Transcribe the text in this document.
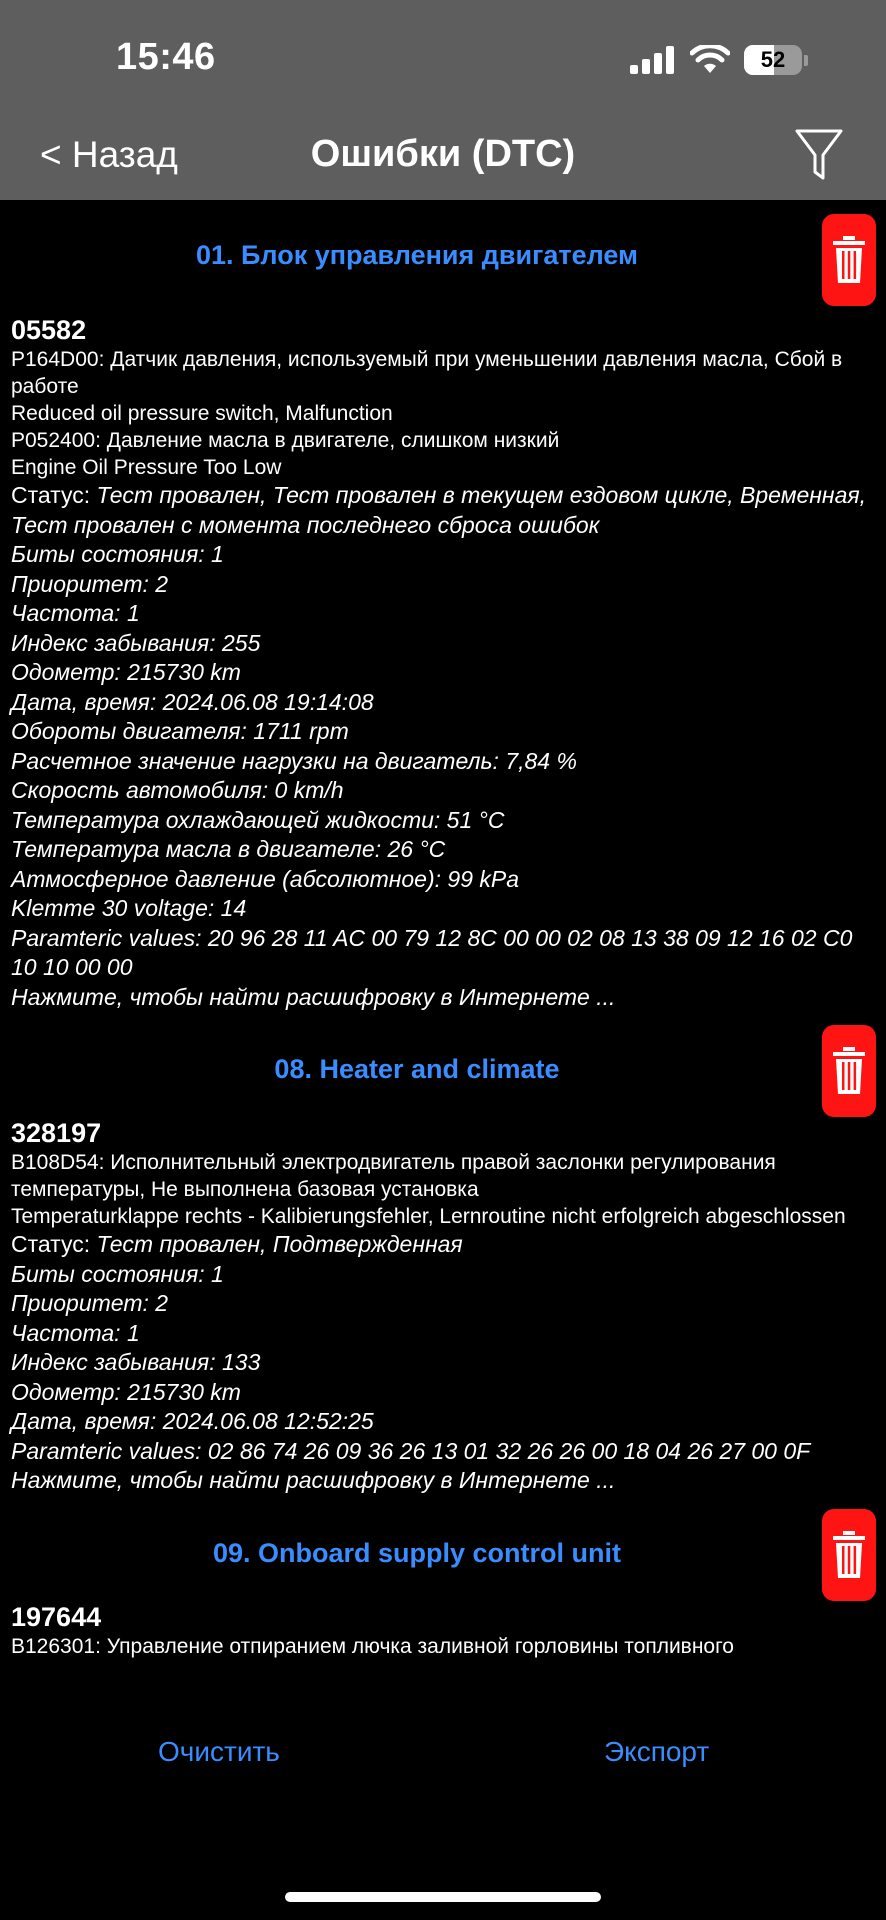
15:46	52
< Назад	Ошибки (DTC)
01. Блок управления двигателем
05582
P164D00: Датчик давления, используемый при уменьшении давления масла, Сбой в работе
Reduced oil pressure switch, Malfunction
P052400: Давление масла в двигателе, слишком низкий
Engine Oil Pressure Too Low
Статус: Тест провален, Тест провален в текущем ездовом цикле, Временная, Тест провален с момента последнего сброса ошибок
Биты состояния: 1
Приоритет: 2
Частота: 1
Индекс забывания: 255
Одометр: 215730 km
Дата, время: 2024.06.08 19:14:08
Обороты двигателя: 1711 rpm
Расчетное значение нагрузки на двигатель: 7,84 %
Скорость автомобиля: 0 km/h
Температура охлаждающей жидкости: 51 °C
Температура масла в двигателе: 26 °C
Атмосферное давление (абсолютное): 99 kPa
Klemme 30 voltage: 14
Paramteric values: 20 96 28 11 AC 00 79 12 8C 00 00 02 08 13 38 09 12 16 02 C0 10 10 00 00
Нажмите, чтобы найти расшифровку в Интернете ...
08. Heater and climate
328197
B108D54: Исполнительный электродвигатель правой заслонки регулирования температуры, Не выполнена базовая установка
Temperaturklappe rechts - Kalibierungsfehler, Lernroutine nicht erfolgreich abgeschlossen
Статус: Тест провален, Подтвержденная
Биты состояния: 1
Приоритет: 2
Частота: 1
Индекс забывания: 133
Одометр: 215730 km
Дата, время: 2024.06.08 12:52:25
Paramteric values: 02 86 74 26 09 36 26 13 01 32 26 26 00 18 04 26 27 00 0F
Нажмите, чтобы найти расшифровку в Интернете ...
09. Onboard supply control unit
197644
B126301: Управление отпиранием лючка заливной горловины топливного
Очистить	Экспорт
